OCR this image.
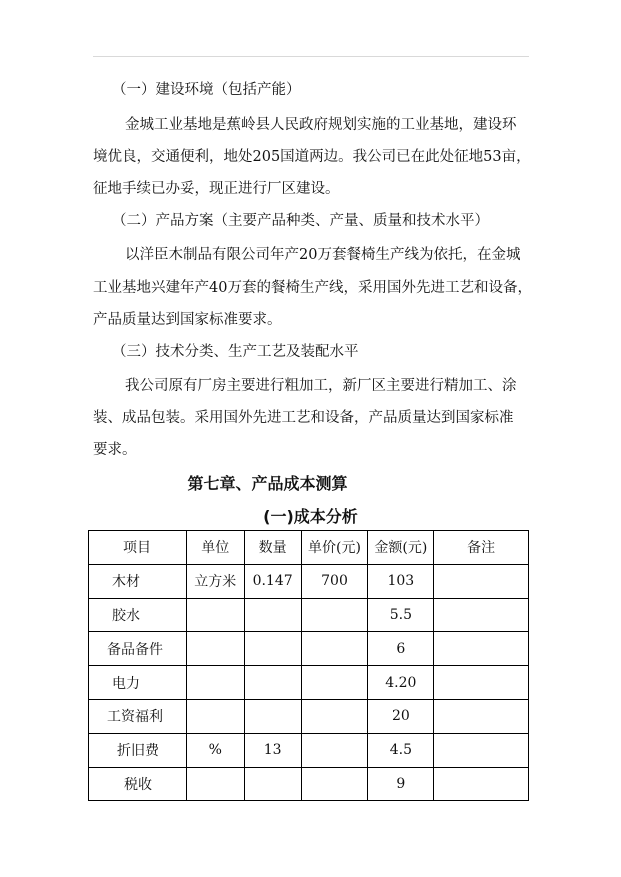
（一）建设环境（包括产能）
金城工业基地是蕉岭县人民政府规划实施的工业基地，建设环
境优良，交通便利，地处205国道两边。我公司已在此处征地53亩，
征地手续已办妥，现正进行厂区建设。
（二）产品方案（主要产品种类、产量、质量和技术水平）
以洋臣木制品有限公司年产20万套餐椅生产线为依托，在金城
工业基地兴建年产40万套的餐椅生产线，采用国外先进工艺和设备，
产品质量达到国家标准要求。
（三）技术分类、生产工艺及装配水平
我公司原有厂房主要进行粗加工，新厂区主要进行精加工、涂
装、成品包装。采用国外先进工艺和设备，产品质量达到国家标准
要求。
第七章、产品成本测算
(一)成本分析
项目	单位	数量	单价(元)	金额(元)	备注
木材	立方米	0.147	700	103	
胶水				5.5	
备品备件				6	
电力				4.20	
工资福利				20	
折旧费	%	13		4.5	
税收				9	
